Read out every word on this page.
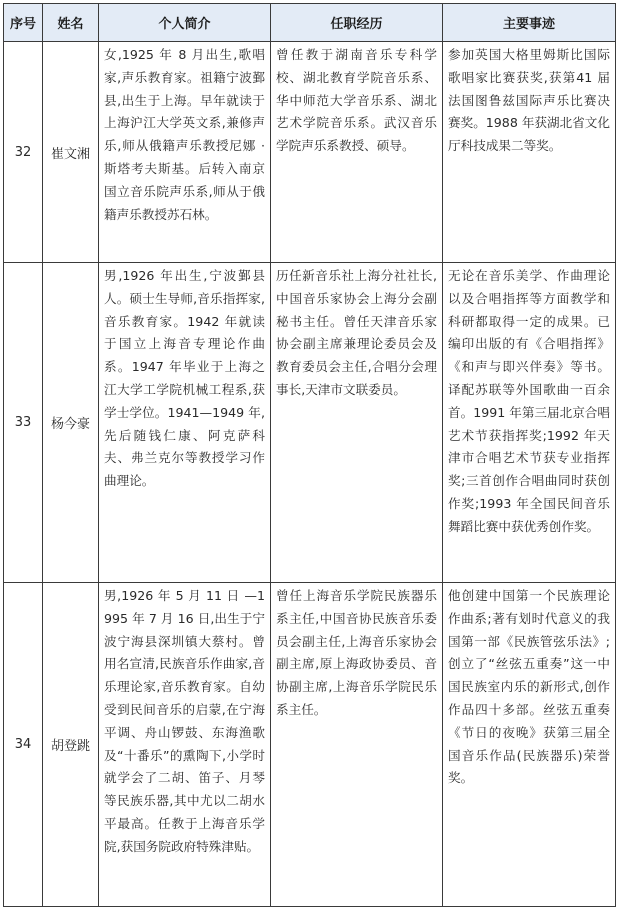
序号	姓名	个人简介	任职经历	主要事迹
32	崔文湘	女,1925 年 8 月出生,歌唱家,声乐教育家。祖籍宁波鄞县,出生于上海。早年就读于上海沪江大学英文系,兼修声乐,师从俄籍声乐教授尼娜 · 斯塔考夫斯基。后转入南京国立音乐院声乐系,师从于俄籍声乐教授苏石林。	曾任教于湖南音乐专科学校、湖北教育学院音乐系、华中师范大学音乐系、湖北艺术学院音乐系。武汉音乐学院声乐系教授、硕导。	参加英国大格里姆斯比国际歌唱家比赛获奖,获第41 届法国图鲁兹国际声乐比赛决赛奖。1988 年获湖北省文化厅科技成果二等奖。
33	杨今豪	男,1926 年出生,宁波鄞县人。硕士生导师,音乐指挥家,音乐教育家。1942 年就读于国立上海音专理论作曲系。1947 年毕业于上海之江大学工学院机械工程系,获学士学位。1941—1949 年,先后随钱仁康、阿克萨科夫、弗兰克尔等教授学习作曲理论。	历任新音乐社上海分社社长,中国音乐家协会上海分会副秘书主任。曾任天津音乐家协会副主席兼理论委员会及教育委员会主任,合唱分会理事长,天津市文联委员。	无论在音乐美学、作曲理论以及合唱指挥等方面教学和科研都取得一定的成果。已编印出版的有《合唱指挥》《和声与即兴伴奏》等书。译配苏联等外国歌曲一百余首。1991 年第三届北京合唱艺术节获指挥奖;1992 年天津市合唱艺术节获专业指挥奖;三首创作合唱曲同时获创作奖;1993 年全国民间音乐舞蹈比赛中获优秀创作奖。
34	胡登跳	男,1926 年 5 月 11 日 —1995 年 7 月 16 日,出生于宁波宁海县深圳镇大蔡村。曾用名宣清,民族音乐作曲家,音乐理论家,音乐教育家。自幼受到民间音乐的启蒙,在宁海平调、舟山锣鼓、东海渔歌及“十番乐”的熏陶下,小学时就学会了二胡、笛子、月琴等民族乐器,其中尤以二胡水平最高。任教于上海音乐学院,获国务院政府特殊津贴。	曾任上海音乐学院民族器乐系主任,中国音协民族音乐委员会副主任,上海音乐家协会副主席,原上海政协委员、音协副主席,上海音乐学院民乐系主任。	他创建中国第一个民族理论作曲系;著有划时代意义的我国第一部《民族管弦乐法》;创立了“丝弦五重奏”这一中国民族室内乐的新形式,创作作品四十多部。丝弦五重奏《节日的夜晚》获第三届全国音乐作品(民族器乐)荣誉奖。
